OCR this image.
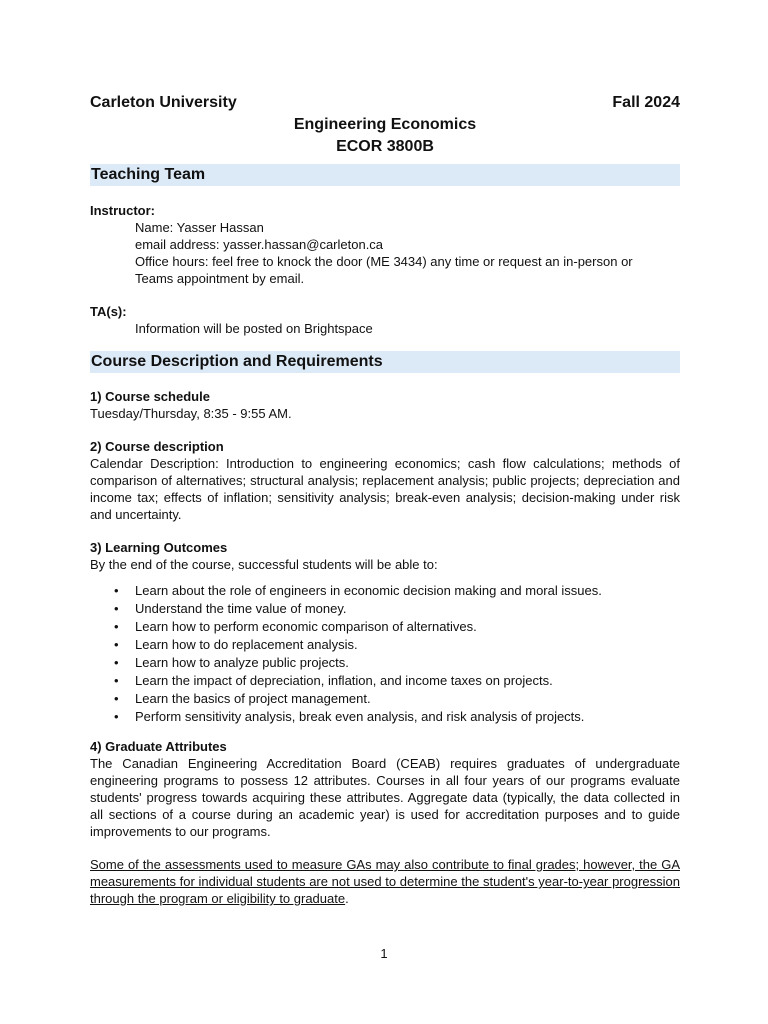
Carleton University	Fall 2024
Engineering Economics
ECOR 3800B
Teaching Team
Instructor:
Name: Yasser Hassan
email address: yasser.hassan@carleton.ca
Office hours: feel free to knock the door (ME 3434) any time or request an in-person or
Teams appointment by email.
TA(s):
Information will be posted on Brightspace
Course Description and Requirements
1) Course schedule
Tuesday/Thursday, 8:35 - 9:55 AM.
2) Course description
Calendar Description: Introduction to engineering economics; cash flow calculations; methods of comparison of alternatives; structural analysis; replacement analysis; public projects; depreciation and income tax; effects of inflation; sensitivity analysis; break-even analysis; decision-making under risk and uncertainty.
3) Learning Outcomes
By the end of the course, successful students will be able to:
• Learn about the role of engineers in economic decision making and moral issues.
• Understand the time value of money.
• Learn how to perform economic comparison of alternatives.
• Learn how to do replacement analysis.
• Learn how to analyze public projects.
• Learn the impact of depreciation, inflation, and income taxes on projects.
• Learn the basics of project management.
• Perform sensitivity analysis, break even analysis, and risk analysis of projects.
4) Graduate Attributes
The Canadian Engineering Accreditation Board (CEAB) requires graduates of undergraduate engineering programs to possess 12 attributes. Courses in all four years of our programs evaluate students' progress towards acquiring these attributes. Aggregate data (typically, the data collected in all sections of a course during an academic year) is used for accreditation purposes and to guide improvements to our programs.
Some of the assessments used to measure GAs may also contribute to final grades; however, the GA measurements for individual students are not used to determine the student's year-to-year progression through the program or eligibility to graduate.
1
